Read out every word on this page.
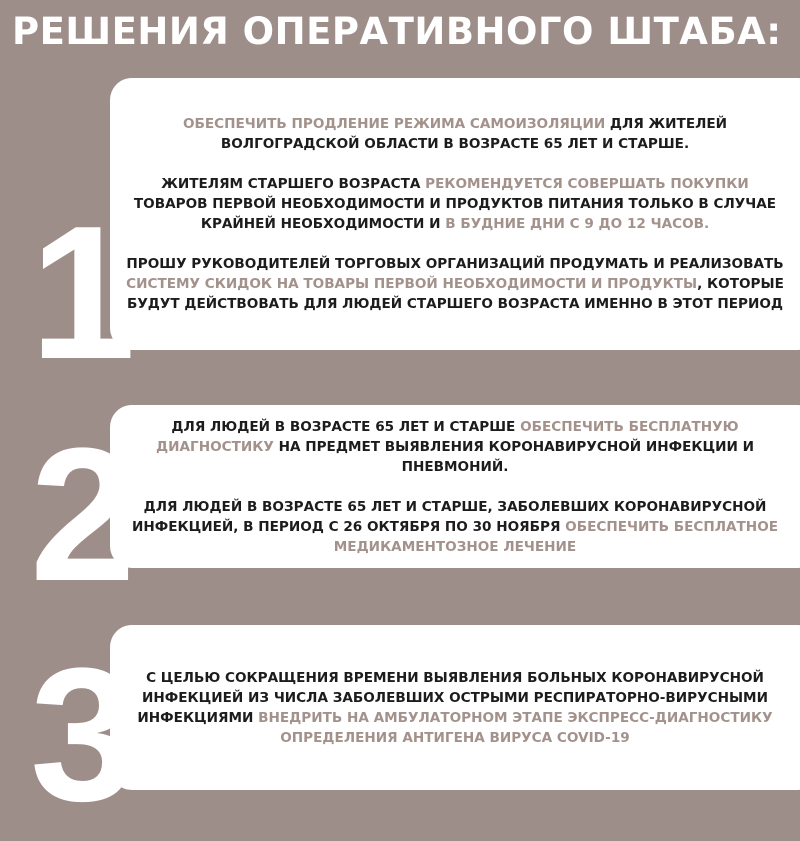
РЕШЕНИЯ ОПЕРАТИВНОГО ШТАБА:

ОБЕСПЕЧИТЬ ПРОДЛЕНИЕ РЕЖИМА САМОИЗОЛЯЦИИ ДЛЯ ЖИТЕЛЕЙ ВОЛГОГРАДСКОЙ ОБЛАСТИ В ВОЗРАСТЕ 65 ЛЕТ И СТАРШЕ.

ЖИТЕЛЯМ СТАРШЕГО ВОЗРАСТА РЕКОМЕНДУЕТСЯ СОВЕРШАТЬ ПОКУПКИ ТОВАРОВ ПЕРВОЙ НЕОБХОДИМОСТИ И ПРОДУКТОВ ПИТАНИЯ ТОЛЬКО В СЛУЧАЕ КРАЙНЕЙ НЕОБХОДИМОСТИ И В БУДНИЕ ДНИ С 9 ДО 12 ЧАСОВ.

ПРОШУ РУКОВОДИТЕЛЕЙ ТОРГОВЫХ ОРГАНИЗАЦИЙ ПРОДУМАТЬ И РЕАЛИЗОВАТЬ СИСТЕМУ СКИДОК НА ТОВАРЫ ПЕРВОЙ НЕОБХОДИМОСТИ И ПРОДУКТЫ, КОТОРЫЕ БУДУТ ДЕЙСТВОВАТЬ ДЛЯ ЛЮДЕЙ СТАРШЕГО ВОЗРАСТА ИМЕННО В ЭТОТ ПЕРИОД

ДЛЯ ЛЮДЕЙ В ВОЗРАСТЕ 65 ЛЕТ И СТАРШЕ ОБЕСПЕЧИТЬ БЕСПЛАТНУЮ ДИАГНОСТИКУ НА ПРЕДМЕТ ВЫЯВЛЕНИЯ КОРОНАВИРУСНОЙ ИНФЕКЦИИ И ПНЕВМОНИЙ.

ДЛЯ ЛЮДЕЙ В ВОЗРАСТЕ 65 ЛЕТ И СТАРШЕ, ЗАБОЛЕВШИХ КОРОНАВИРУСНОЙ ИНФЕКЦИЕЙ, В ПЕРИОД С 26 ОКТЯБРЯ ПО 30 НОЯБРЯ ОБЕСПЕЧИТЬ БЕСПЛАТНОЕ МЕДИКАМЕНТОЗНОЕ ЛЕЧЕНИЕ

С ЦЕЛЬЮ СОКРАЩЕНИЯ ВРЕМЕНИ ВЫЯВЛЕНИЯ БОЛЬНЫХ КОРОНАВИРУСНОЙ ИНФЕКЦИЕЙ ИЗ ЧИСЛА ЗАБОЛЕВШИХ ОСТРЫМИ РЕСПИРАТОРНО-ВИРУСНЫМИ ИНФЕКЦИЯМИ ВНЕДРИТЬ НА АМБУЛАТОРНОМ ЭТАПЕ ЭКСПРЕСС-ДИАГНОСТИКУ ОПРЕДЕЛЕНИЯ АНТИГЕНА ВИРУСА COVID-19

1
2
3
